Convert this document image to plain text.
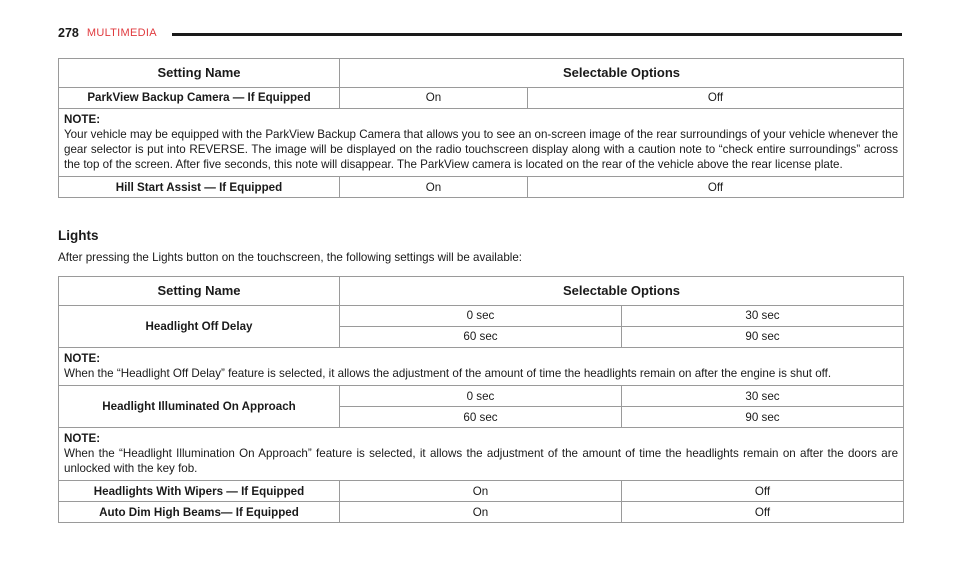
278 MULTIMEDIA
Setting Name	Selectable Options	
ParkView Backup Camera — If Equipped	On	Off

NOTE:
Your vehicle may be equipped with the ParkView Backup Camera that allows you to see an on-screen image of the rear surroundings of your vehicle whenever the gear selector is put into REVERSE. The image will be displayed on the radio touchscreen display along with a caution note to “check entire surroundings” across the top of the screen. After five seconds, this note will disappear. The ParkView camera is located on the rear of the vehicle above the rear license plate.		
Hill Start Assist — If Equipped	On	Off
Lights
After pressing the Lights button on the touchscreen, the following settings will be available:
Setting Name	Selectable Options	
Headlight Off Delay	0 sec	30 sec
	60 sec	90 sec

NOTE:
When the “Headlight Off Delay” feature is selected, it allows the adjustment of the amount of time the headlights remain on after the engine is shut off.		
Headlight Illuminated On Approach	0 sec	30 sec
	60 sec	90 sec

NOTE:
When the “Headlight Illumination On Approach” feature is selected, it allows the adjustment of the amount of time the headlights remain on after the doors are unlocked with the key fob.		
Headlights With Wipers — If Equipped	On	Off
Auto Dim High Beams— If Equipped	On	Off
